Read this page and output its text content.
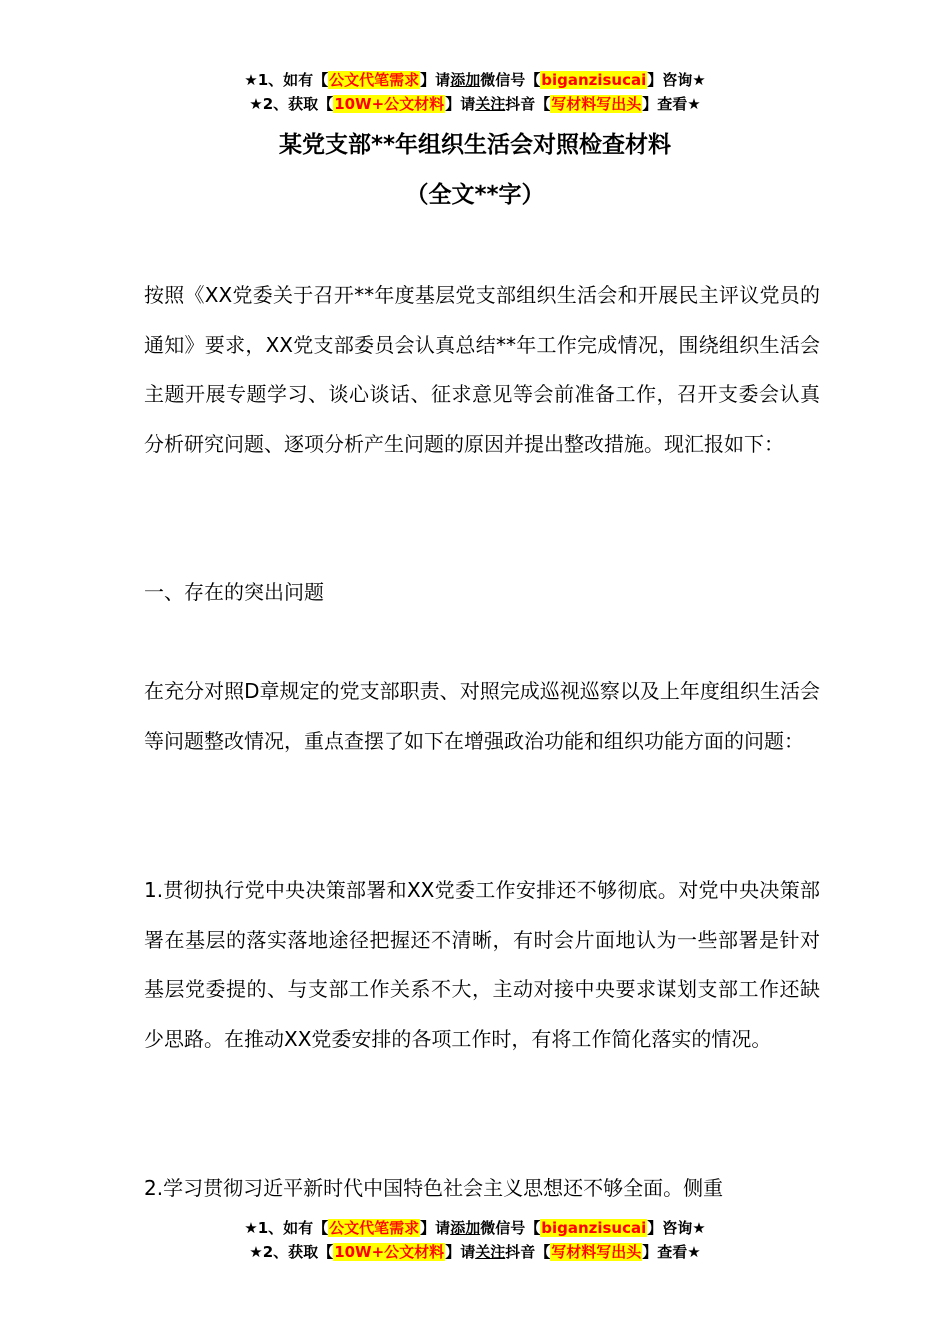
★1、如有【公文代笔需求】请添加微信号【biganzisucai】咨询★
★2、获取【10W+公文材料】请关注抖音【写材料写出头】查看★
某党支部**年组织生活会对照检查材料
（全文**字）

按照《XX党委关于召开**年度基层党支部组织生活会和开展民主评议党员的通知》要求，XX党支部委员会认真总结**年工作完成情况，围绕组织生活会主题开展专题学习、谈心谈话、征求意见等会前准备工作，召开支委会认真分析研究问题、逐项分析产生问题的原因并提出整改措施。现汇报如下：

一、存在的突出问题

在充分对照D章规定的党支部职责、对照完成巡视巡察以及上年度组织生活会等问题整改情况，重点查摆了如下在增强政治功能和组织功能方面的问题：

1.贯彻执行党中央决策部署和XX党委工作安排还不够彻底。对党中央决策部署在基层的落实落地途径把握还不清晰，有时会片面地认为一些部署是针对基层党委提的、与支部工作关系不大，主动对接中央要求谋划支部工作还缺少思路。在推动XX党委安排的各项工作时，有将工作简化落实的情况。

2.学习贯彻习近平新时代中国特色社会主义思想还不够全面。侧重

★1、如有【公文代笔需求】请添加微信号【biganzisucai】咨询★
★2、获取【10W+公文材料】请关注抖音【写材料写出头】查看★
